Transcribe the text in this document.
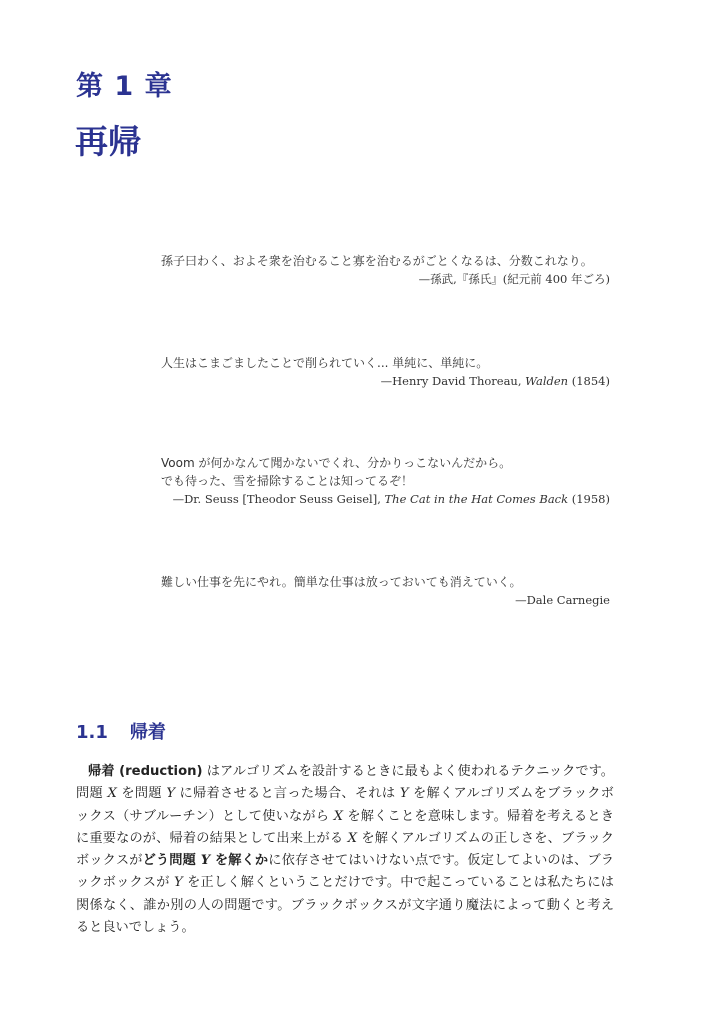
第 1 章
再帰
孫子曰わく、およそ衆を治むること寡を治むるがごとくなるは、分数これなり。
—孫武,『孫氏』(紀元前 400 年ごろ)
人生はこまごましたことで削られていく... 単純に、単純に。
—Henry David Thoreau, Walden (1854)
Voom が何かなんて聞かないでくれ、分かりっこないんだから。
でも待った、雪を掃除することは知ってるぞ！
—Dr. Seuss [Theodor Seuss Geisel], The Cat in the Hat Comes Back (1958)
難しい仕事を先にやれ。簡単な仕事は放っておいても消えていく。
—Dale Carnegie
1.1 帰着

帰着 (reduction) はアルゴリズムを設計するときに最もよく使われるテクニックです。問題 X を問題 Y に帰着させると言った場合、それは Y を解くアルゴリズムをブラックボックス（サブルーチン）として使いながら X を解くことを意味します。帰着を考えるときに重要なのが、帰着の結果として出来上がる X を解くアルゴリズムの正しさを、ブラックボックスがどう問題 Y を解くかに依存させてはいけない点です。仮定してよいのは、ブラックボックスが Y を正しく解くということだけです。中で起こっていることは私たちには関係なく、誰か別の人の問題です。ブラックボックスが文字通り魔法によって動くと考えると良いでしょう。
